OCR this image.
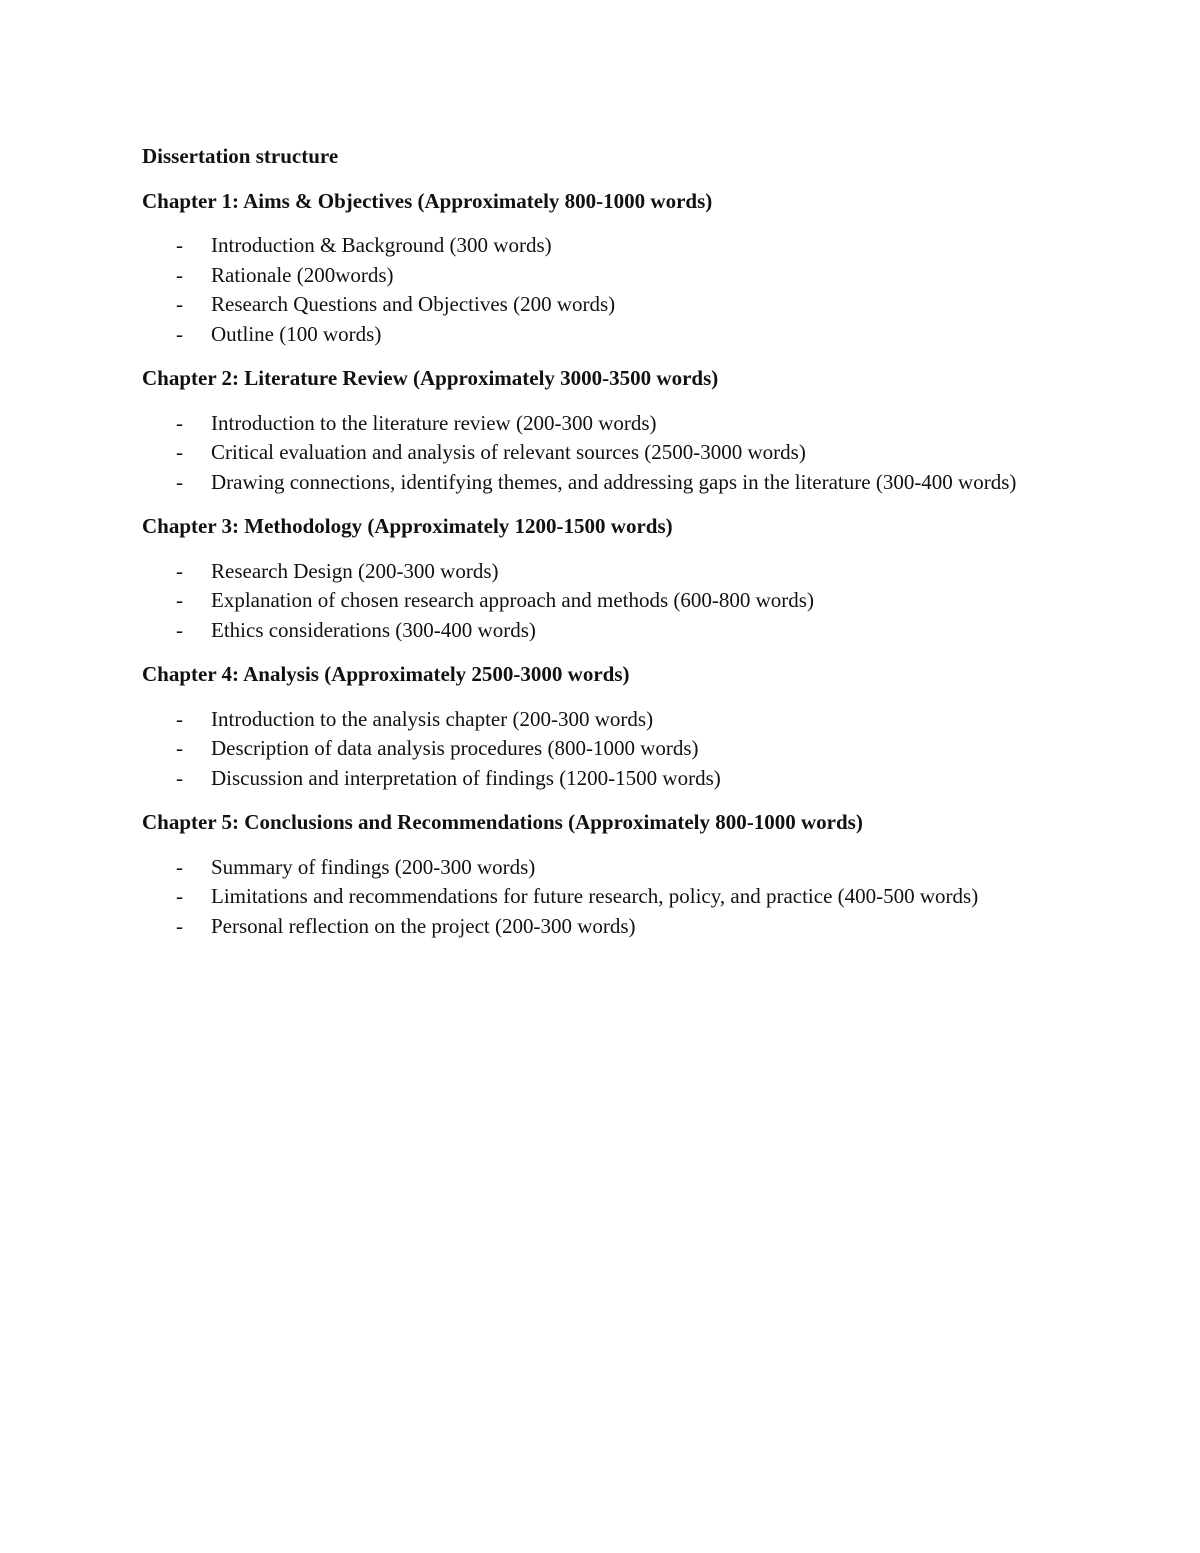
Dissertation structure
Chapter 1: Aims & Objectives (Approximately 800-1000 words)
- Introduction & Background (300 words)
- Rationale (200words)
- Research Questions and Objectives (200 words)
- Outline (100 words)
Chapter 2: Literature Review (Approximately 3000-3500 words)
- Introduction to the literature review (200-300 words)
- Critical evaluation and analysis of relevant sources (2500-3000 words)
- Drawing connections, identifying themes, and addressing gaps in the literature (300-400 words)
Chapter 3: Methodology (Approximately 1200-1500 words)
- Research Design (200-300 words)
- Explanation of chosen research approach and methods (600-800 words)
- Ethics considerations (300-400 words)
Chapter 4: Analysis (Approximately 2500-3000 words)
- Introduction to the analysis chapter (200-300 words)
- Description of data analysis procedures (800-1000 words)
- Discussion and interpretation of findings (1200-1500 words)
Chapter 5: Conclusions and Recommendations (Approximately 800-1000 words)
- Summary of findings (200-300 words)
- Limitations and recommendations for future research, policy, and practice (400-500 words)
- Personal reflection on the project (200-300 words)
